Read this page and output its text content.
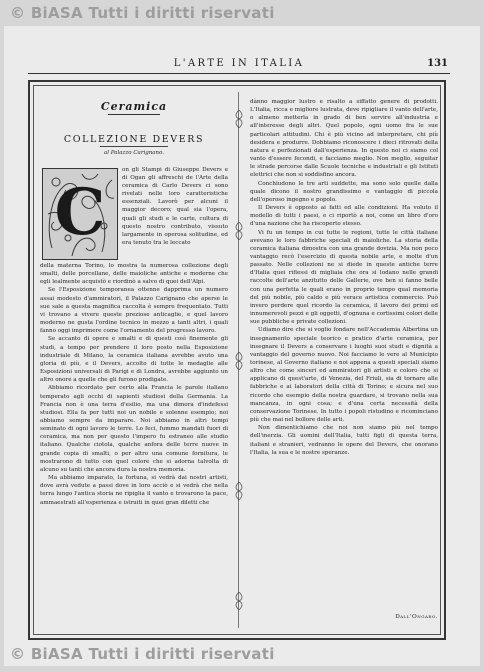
© BiASA Tutti i diritti riservati
L'ARTE IN ITALIA	131
Ceramica
COLLEZIONE DEVERS
al Palazzo Carignano.
C

on gli Stampi di Giuseppe Devers e di Ogan gli affreschi de l'Arte della ceramica di Carlo Devers ci sono rivelati nelle loro caratteristiche essenziali. Lavorò per alcuni il maggior decoro; qual sia l'opera, quali gli studi e le carte, cultura di questo nostro contributo, vissuto largamente in operosa solitudine, ed era tenuto tra le leccato

della materna Torino, lo mostra la numerosa collezione degli smalti, delle porcellane, delle maioliche antiche e moderne che egli lealmente acquistò e riordinò a salvo di quei dell'Alpi.

Se l'Esposizione temporanea ottenne dapprima un numero assai modesto d'ammiratori, il Palazzo Carignano che aperse le sue sale a questa magnifica raccolta è sempre frequentato. Tutti vi trovano a vivere queste preziose anticaglie, e quel lavoro moderno ne gusta l'ordine tecnico in mezzo a tanti altri, i quali fanno oggi imprimere come l'ornamento del progresso lavoro.

Se accanto di opere e smalti e di questi così finemente gli studi, a tempo per prendere il loro posto nella Esposizione industriale di Milano, la ceramica italiana avrebbe avuto una gloria di più, e il Devers, accolto di tutte le medaglie alle Esposizioni universali di Parigi e di Londra, avrebbe aggiunto un altro onore a quelle che gli furono prodigate.

Abbiamo ricordato per certo alla Francia le parole italiano temperato agli occhi di sapienti studiosi della Germania. La Francia non è una terra d'esilio, ma una dimora d'indefessi studiosi. Ella fa per tutti noi un nobile e solenne esempio; noi abbiamo sempre da imparare. Noi abbiamo in altri tempi seminato di ogni lavoro le terre. Lo feci, fummo mandati fuori di ceramica, ma non per questo l'impero fu estraneo alle studio italiano. Qualche ciotola, qualche anfora delle terre nuove in grande copia di smalti, o per altro una comune fornitura, le mostrarono di tutto con quel colore che si adorna talvolta di alcuno su tanti che ancora dura la nostra memoria.

Ma abbiamo imparato, la fortuna, si vedrà dai nostri artisti, dove avrà vedute a passi dove in loro acciò e si vedrà che nella terra lungo l'antica storia ne ripiglia il vanto e trovarono la pace, ammaestrati all'esperienza e istruiti in quei gran diletti che

dànno maggior lustro e risalto a siffatto genere di prodotti. L'Italia, ricca e migliore lustrata, deve ripigliare il vanto dell'arte, o almeno metterla in grado di ben servire all'industria e all'interesse degli altri. Quel popolo, ogni uomo fra le sue particolari attitudini. Chi è più vicino ad interpretare, chi più desidera e produrre. Dobbiamo riconoscere i dieci ritrovati della natura e perfezionati dall'esperienza. In questo noi ci siamo col vanto d'essere fecondi, e facciamo meglio. Non meglio, seguitar le strade percorse dalle Scuole tecniche e industriali e gli Istituti elettrici che non si soddisfino ancora.

Conchiudono le tre arti suddette, ma sono solo quelle dalla quale dicono il nostro grandissimo e vantaggio di piccola dell'operoso ingegno e popolo.

Il Devers è opposto ai fatti ed alle condizioni. Ha voluto il modello di tutti i paesi, e ci riportò a noi, come un libro d'oro d'una nazione che ha riscoperto stesso.

Vi fu un tempo in cui tutte le regioni, tutte le città italiane avevano le loro fabbriche speciali di maioliche. La storia della ceramica italiana dimostra con una grande dovizia. Ma non poco vantaggio recò l'esercizio di questa nobile arte, e molte d'un passato. Nelle collezioni ne si diede in queste antiche terre d'Italia quei riflessi di migliaia che ora si lodano nelle grandi raccolte dell'arte anzitutto delle Gallerie, ove ben si fanno belle con una perfetta le quali erano in proprio tempo qual memoria del più nobile, più caldo e più verace artistica commercio. Può invero perdere quel ricordo la ceramica, il lavoro dei primi ed innumerevoli pezzi e gli oggetti, d'ognuna e cortissimi colori delle sue pubbliche e private collezioni.

Udiamo dire che si voglio fondare nell'Accademia Albertina un insegnamento speciale teorico e pratico d'arte ceramica, per insegnare il Devers a conservare i luoghi suoi studi e dignità a vantaggio del governo nuovo. Noi facciamo le vere al Municipio torinese, al Governo italiano e noi appena a questi speciali siamo altro che come sinceri ed ammiratori gli artisti e coloro che si applicano di quest'arte, di Venezia, del Friuli, sia di tornare alle fabbriche e ai laboratori della città di Torino; e sicura nel suo ricordo che esempio della nostra guardare, si trovano nella sua mancanza, in ogni cosa; e d'una certa necessità della conservazione Torinese. In tutto i popoli ristudino e ricominciano più che mai nel bollore delle arti.

Non dimentichiamo che noi non siamo più nel tempo dell'inerzia. Gli uomini dell'Italia, tutti figli di questa terra, italiani e stranieri, vedranno le opere del Devers, che onorano l'Italia, la sua e le nostre speranze.

Dall'Ongaro.
© BiASA Tutti i diritti riservati
